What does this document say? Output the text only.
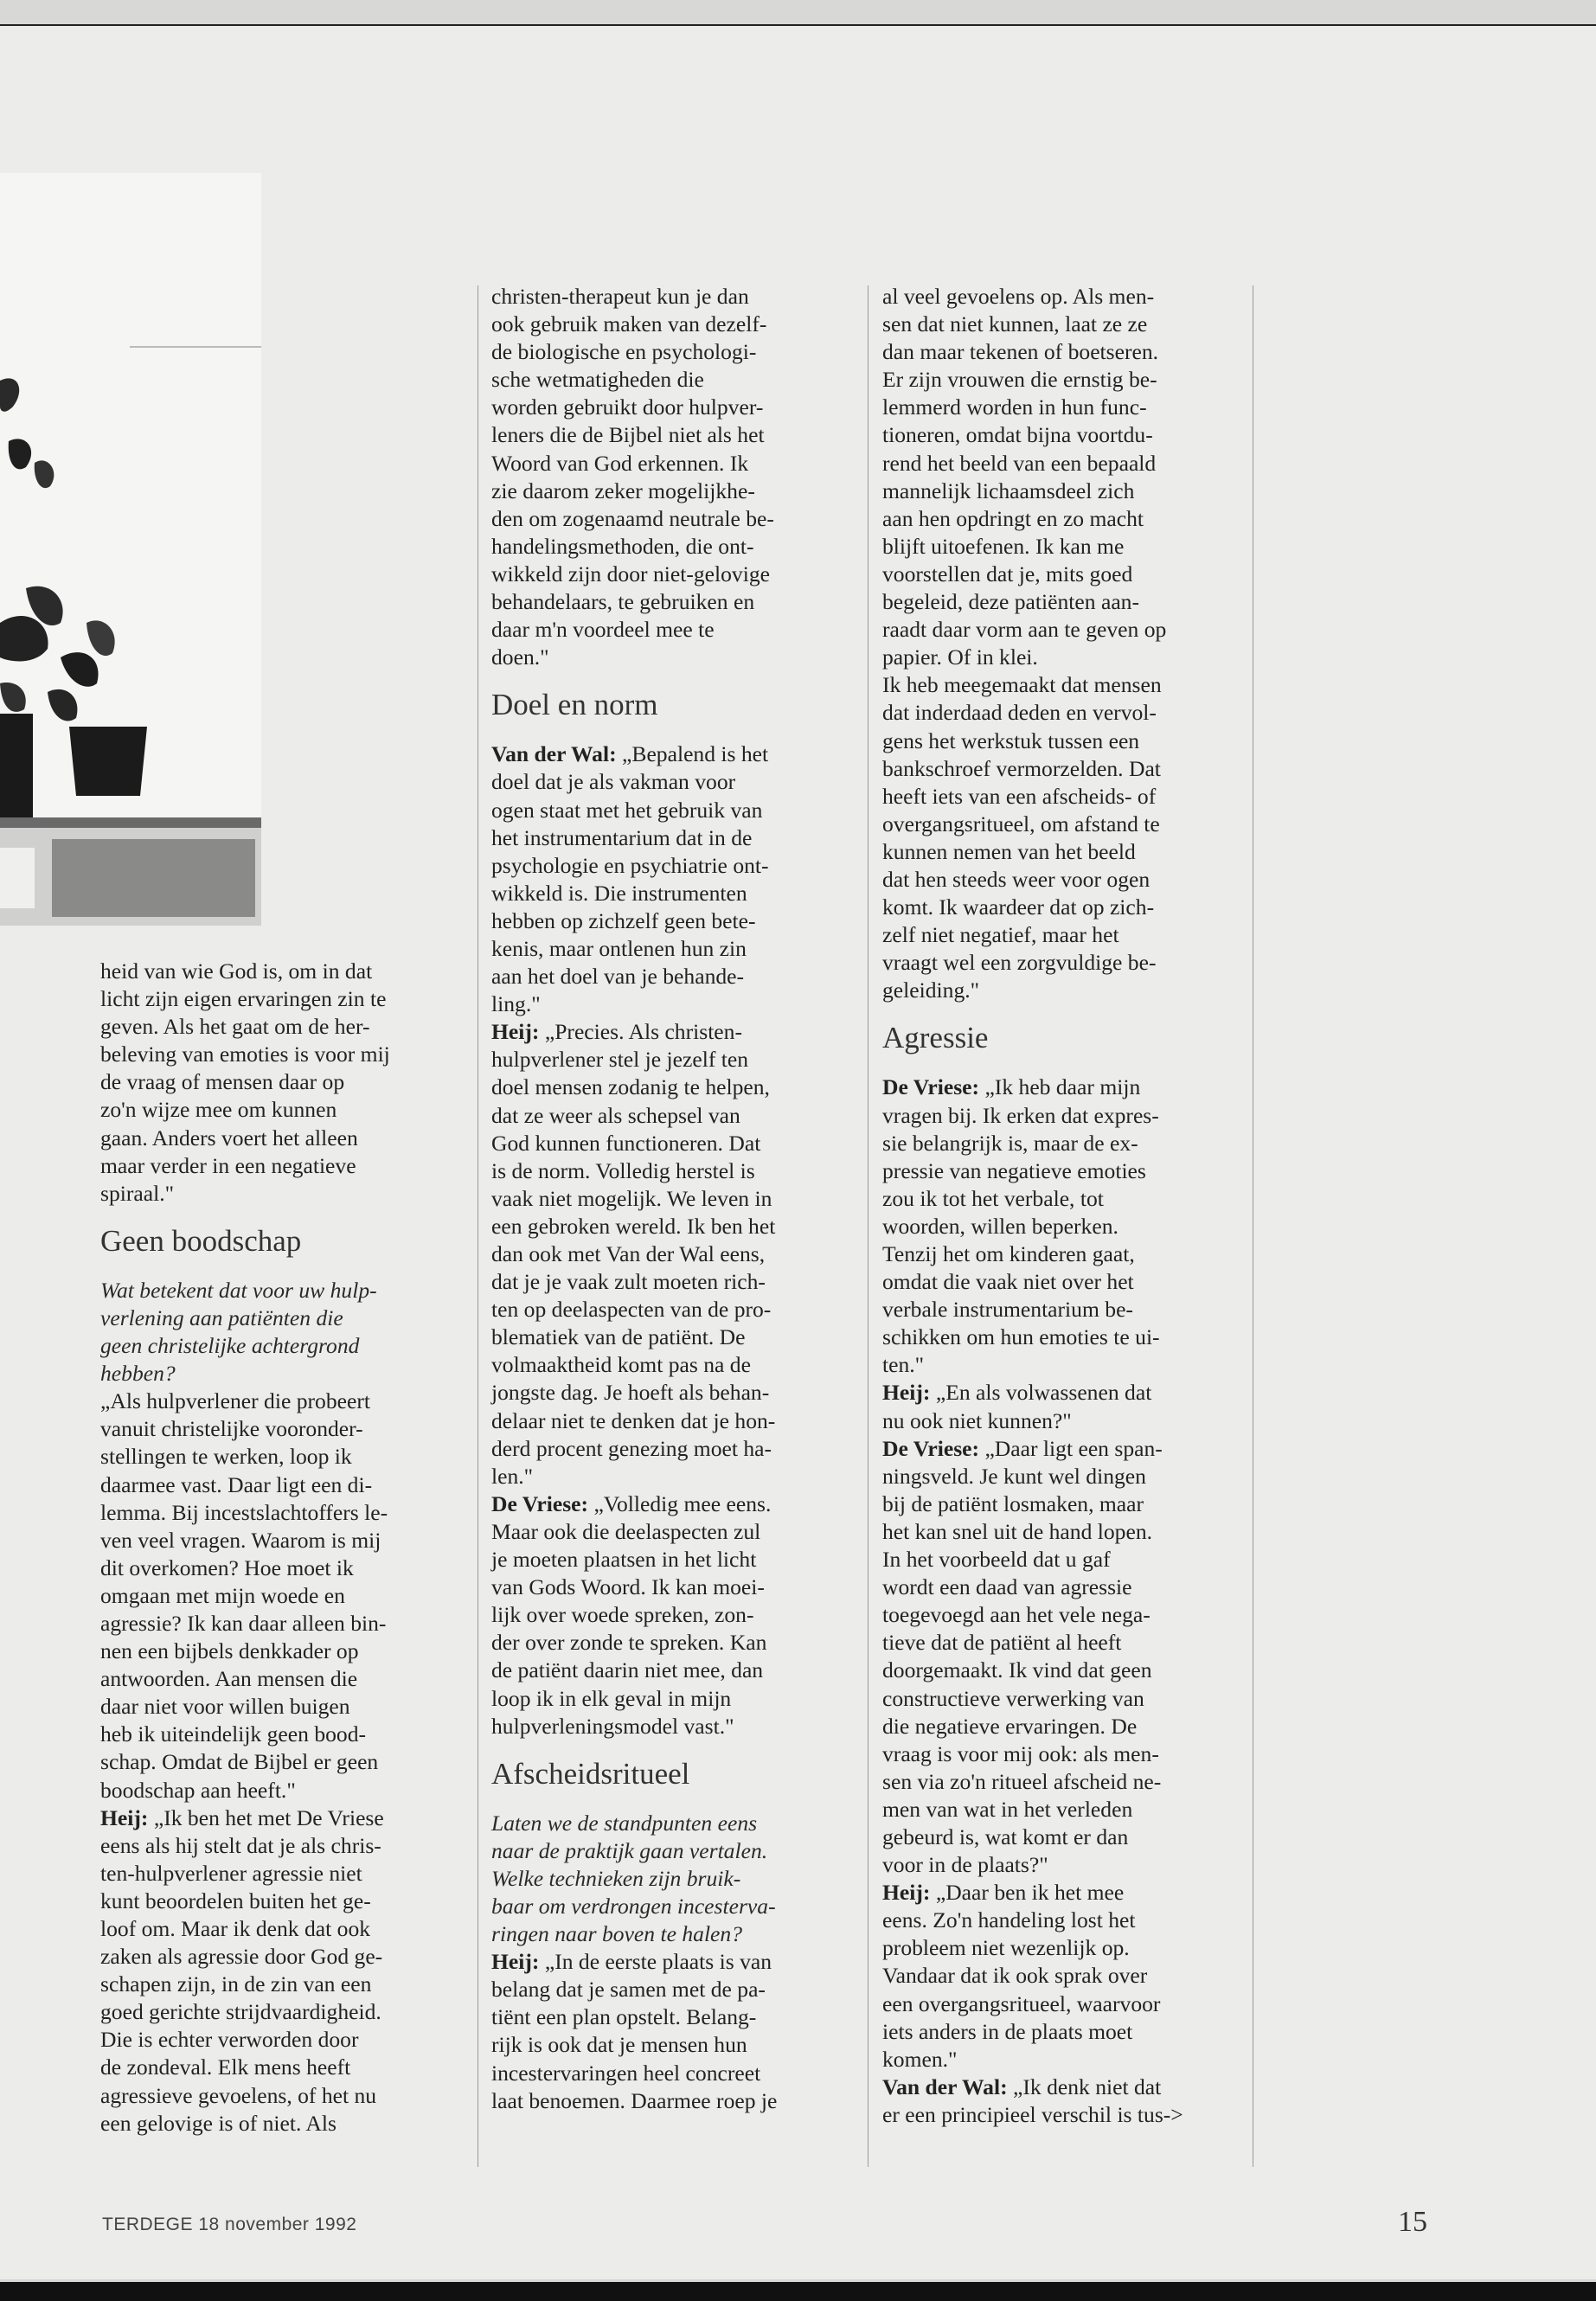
heid van wie God is, om in dat
licht zijn eigen ervaringen zin te
geven. Als het gaat om de her-
beleving van emoties is voor mij
de vraag of mensen daar op
zo'n wijze mee om kunnen
gaan. Anders voert het alleen
maar verder in een negatieve
spiraal."
Geen boodschap
Wat betekent dat voor uw hulp-
verlening aan patiënten die
geen christelijke achtergrond
hebben?
„Als hulpverlener die probeert
vanuit christelijke vooronder-
stellingen te werken, loop ik
daarmee vast. Daar ligt een di-
lemma. Bij incestslachtoffers le-
ven veel vragen. Waarom is mij
dit overkomen? Hoe moet ik
omgaan met mijn woede en
agressie? Ik kan daar alleen bin-
nen een bijbels denkkader op
antwoorden. Aan mensen die
daar niet voor willen buigen
heb ik uiteindelijk geen bood-
schap. Omdat de Bijbel er geen
boodschap aan heeft."
Heij: „Ik ben het met De Vriese
eens als hij stelt dat je als chris-
ten-hulpverlener agressie niet
kunt beoordelen buiten het ge-
loof om. Maar ik denk dat ook
zaken als agressie door God ge-
schapen zijn, in de zin van een
goed gerichte strijdvaardigheid.
Die is echter verworden door
de zondeval. Elk mens heeft
agressieve gevoelens, of het nu
een gelovige is of niet. Als
christen-therapeut kun je dan
ook gebruik maken van dezelf-
de biologische en psychologi-
sche wetmatigheden die
worden gebruikt door hulpver-
leners die de Bijbel niet als het
Woord van God erkennen. Ik
zie daarom zeker mogelijkhe-
den om zogenaamd neutrale be-
handelingsmethoden, die ont-
wikkeld zijn door niet-gelovige
behandelaars, te gebruiken en
daar m'n voordeel mee te
doen."
Doel en norm
Van der Wal: „Bepalend is het
doel dat je als vakman voor
ogen staat met het gebruik van
het instrumentarium dat in de
psychologie en psychiatrie ont-
wikkeld is. Die instrumenten
hebben op zichzelf geen bete-
kenis, maar ontlenen hun zin
aan het doel van je behande-
ling."
Heij: „Precies. Als christen-
hulpverlener stel je jezelf ten
doel mensen zodanig te helpen,
dat ze weer als schepsel van
God kunnen functioneren. Dat
is de norm. Volledig herstel is
vaak niet mogelijk. We leven in
een gebroken wereld. Ik ben het
dan ook met Van der Wal eens,
dat je je vaak zult moeten rich-
ten op deelaspecten van de pro-
blematiek van de patiënt. De
volmaaktheid komt pas na de
jongste dag. Je hoeft als behan-
delaar niet te denken dat je hon-
derd procent genezing moet ha-
len."
De Vriese: „Volledig mee eens.
Maar ook die deelaspecten zul
je moeten plaatsen in het licht
van Gods Woord. Ik kan moei-
lijk over woede spreken, zon-
der over zonde te spreken. Kan
de patiënt daarin niet mee, dan
loop ik in elk geval in mijn
hulpverleningsmodel vast."
Afscheidsritueel
Laten we de standpunten eens
naar de praktijk gaan vertalen.
Welke technieken zijn bruik-
baar om verdrongen incesterva-
ringen naar boven te halen?
Heij: „In de eerste plaats is van
belang dat je samen met de pa-
tiënt een plan opstelt. Belang-
rijk is ook dat je mensen hun
incestervaringen heel concreet
laat benoemen. Daarmee roep je
al veel gevoelens op. Als men-
sen dat niet kunnen, laat ze ze
dan maar tekenen of boetseren.
Er zijn vrouwen die ernstig be-
lemmerd worden in hun func-
tioneren, omdat bijna voortdu-
rend het beeld van een bepaald
mannelijk lichaamsdeel zich
aan hen opdringt en zo macht
blijft uitoefenen. Ik kan me
voorstellen dat je, mits goed
begeleid, deze patiënten aan-
raadt daar vorm aan te geven op
papier. Of in klei.
Ik heb meegemaakt dat mensen
dat inderdaad deden en vervol-
gens het werkstuk tussen een
bankschroef vermorzelden. Dat
heeft iets van een afscheids- of
overgangsritueel, om afstand te
kunnen nemen van het beeld
dat hen steeds weer voor ogen
komt. Ik waardeer dat op zich-
zelf niet negatief, maar het
vraagt wel een zorgvuldige be-
geleiding."
Agressie
De Vriese: „Ik heb daar mijn
vragen bij. Ik erken dat expres-
sie belangrijk is, maar de ex-
pressie van negatieve emoties
zou ik tot het verbale, tot
woorden, willen beperken.
Tenzij het om kinderen gaat,
omdat die vaak niet over het
verbale instrumentarium be-
schikken om hun emoties te ui-
ten."
Heij: „En als volwassenen dat
nu ook niet kunnen?"
De Vriese: „Daar ligt een span-
ningsveld. Je kunt wel dingen
bij de patiënt losmaken, maar
het kan snel uit de hand lopen.
In het voorbeeld dat u gaf
wordt een daad van agressie
toegevoegd aan het vele nega-
tieve dat de patiënt al heeft
doorgemaakt. Ik vind dat geen
constructieve verwerking van
die negatieve ervaringen. De
vraag is voor mij ook: als men-
sen via zo'n ritueel afscheid ne-
men van wat in het verleden
gebeurd is, wat komt er dan
voor in de plaats?"
Heij: „Daar ben ik het mee
eens. Zo'n handeling lost het
probleem niet wezenlijk op.
Vandaar dat ik ook sprak over
een overgangsritueel, waarvoor
iets anders in de plaats moet
komen."
Van der Wal: „Ik denk niet dat
er een principieel verschil is tus->
TERDEGE 18 november 1992	15
